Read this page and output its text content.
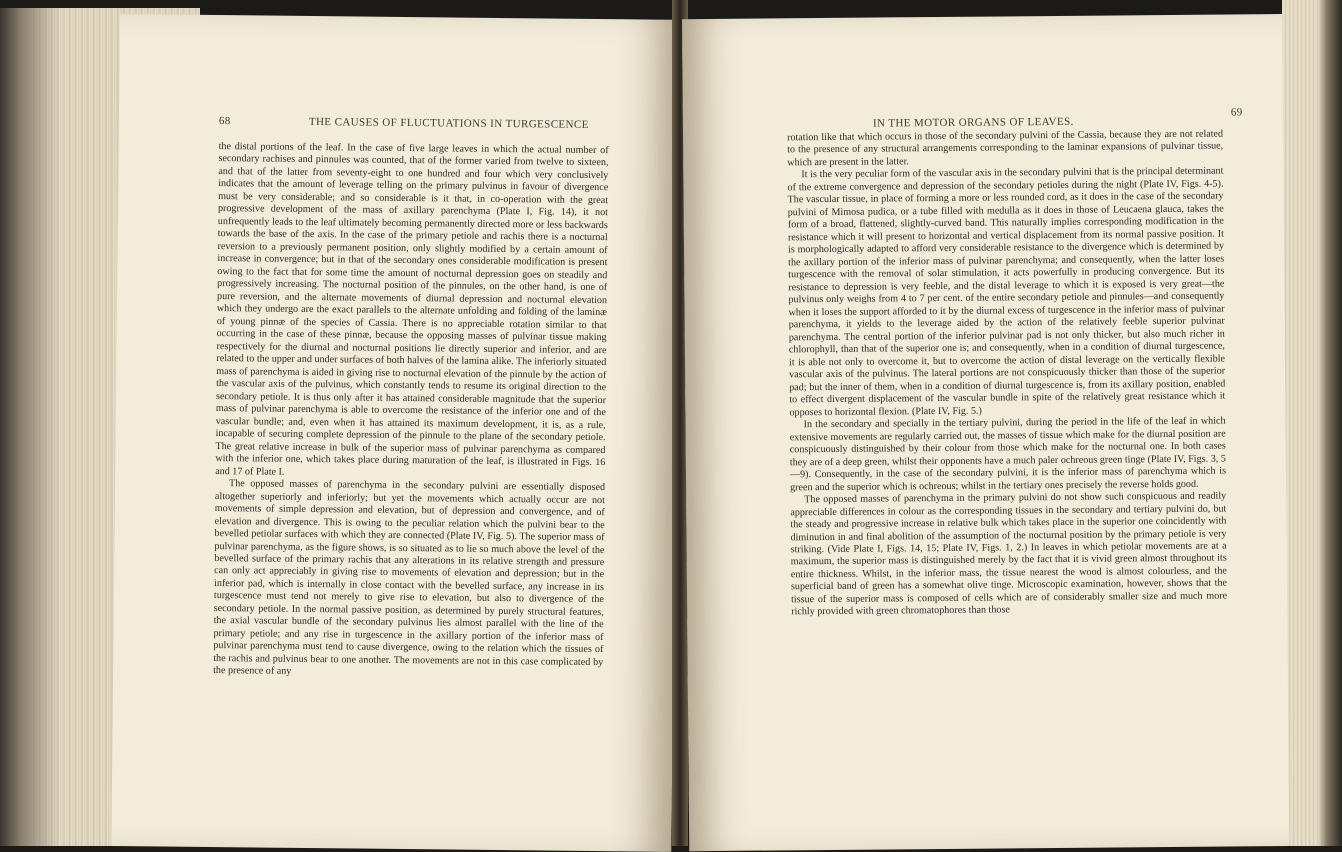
68	THE CAUSES OF FLUCTUATIONS IN TURGESCENCE

the distal portions of the leaf. In the case of five large leaves in which the actual number of secondary rachises and pinnules was counted, that of the former varied from twelve to sixteen, and that of the latter from seventy-eight to one hundred and four which very conclusively indicates that the amount of leverage telling on the primary pulvinus in favour of divergence must be very considerable; and so considerable is it that, in co-operation with the great progressive development of the mass of axillary parenchyma (Plate I, Fig. 14), it not unfrequently leads to the leaf ultimately becoming permanently directed more or less backwards towards the base of the axis. In the case of the primary petiole and rachis there is a nocturnal reversion to a previously permanent position, only slightly modified by a certain amount of increase in convergence; but in that of the secondary ones considerable modification is present owing to the fact that for some time the amount of nocturnal depression goes on steadily and progressively increasing. The nocturnal position of the pinnules, on the other hand, is one of pure reversion, and the alternate movements of diurnal depression and nocturnal elevation which they undergo are the exact parallels to the alternate unfolding and folding of the laminæ of young pinnæ of the species of Cassia. There is no appreciable rotation similar to that occurring in the case of these pinnæ, because the opposing masses of pulvinar tissue making respectively for the diurnal and nocturnal positions lie directly superior and inferior, and are related to the upper and under surfaces of both halves of the lamina alike. The inferiorly situated mass of parenchyma is aided in giving rise to nocturnal elevation of the pinnule by the action of the vascular axis of the pulvinus, which constantly tends to resume its original direction to the secondary petiole. It is thus only after it has attained considerable magnitude that the superior mass of pulvinar parenchyma is able to overcome the resistance of the inferior one and of the vascular bundle; and, even when it has attained its maximum development, it is, as a rule, incapable of securing complete depression of the pinnule to the plane of the secondary petiole. The great relative increase in bulk of the superior mass of pulvinar parenchyma as compared with the inferior one, which takes place during maturation of the leaf, is illustrated in Figs. 16 and 17 of Plate I.

The opposed masses of parenchyma in the secondary pulvini are essentially disposed altogether superiorly and inferiorly; but yet the movements which actually occur are not movements of simple depression and elevation, but of depression and convergence, and of elevation and divergence. This is owing to the peculiar relation which the pulvini bear to the bevelled petiolar surfaces with which they are connected (Plate IV, Fig. 5). The superior mass of pulvinar parenchyma, as the figure shows, is so situated as to lie so much above the level of the bevelled surface of the primary rachis that any alterations in its relative strength and pressure can only act appreciably in giving rise to movements of elevation and depression; but in the inferior pad, which is internally in close contact with the bevelled surface, any increase in its turgescence must tend not merely to give rise to elevation, but also to divergence of the secondary petiole. In the normal passive position, as determined by purely structural features, the axial vascular bundle of the secondary pulvinus lies almost parallel with the line of the primary petiole; and any rise in turgescence in the axillary portion of the inferior mass of pulvinar parenchyma must tend to cause divergence, owing to the relation which the tissues of the rachis and pulvinus bear to one another. The movements are not in this case complicated by the presence of any

IN THE MOTOR ORGANS OF LEAVES.
69

rotation like that which occurs in those of the secondary pulvini of the Cassia, because they are not related to the presence of any structural arrangements corresponding to the laminar expansions of pulvinar tissue, which are present in the latter.

It is the very peculiar form of the vascular axis in the secondary pulvini that is the principal determinant of the extreme convergence and depression of the secondary petioles during the night (Plate IV, Figs. 4-5). The vascular tissue, in place of forming a more or less rounded cord, as it does in the case of the secondary pulvini of Mimosa pudica, or a tube filled with medulla as it does in those of Leucaena glauca, takes the form of a broad, flattened, slightly-curved band. This naturally implies corresponding modification in the resistance which it will present to horizontal and vertical displacement from its normal passive position. It is morphologically adapted to afford very considerable resistance to the divergence which is determined by the axillary portion of the inferior mass of pulvinar parenchyma; and consequently, when the latter loses turgescence with the removal of solar stimulation, it acts powerfully in producing convergence. But its resistance to depression is very feeble, and the distal leverage to which it is exposed is very great—the pulvinus only weighs from 4 to 7 per cent. of the entire secondary petiole and pinnules—and consequently when it loses the support afforded to it by the diurnal excess of turgescence in the inferior mass of pulvinar parenchyma, it yields to the leverage aided by the action of the relatively feeble superior pulvinar parenchyma. The central portion of the inferior pulvinar pad is not only thicker, but also much richer in chlorophyll, than that of the superior one is; and consequently, when in a condition of diurnal turgescence, it is able not only to overcome it, but to overcome the action of distal leverage on the vertically flexible vascular axis of the pulvinus. The lateral portions are not conspicuously thicker than those of the superior pad; but the inner of them, when in a condition of diurnal turgescence is, from its axillary position, enabled to effect divergent displacement of the vascular bundle in spite of the relatively great resistance which it opposes to horizontal flexion. (Plate IV, Fig. 5.)

In the secondary and specially in the tertiary pulvini, during the period in the life of the leaf in which extensive movements are regularly carried out, the masses of tissue which make for the diurnal position are conspicuously distinguished by their colour from those which make for the nocturnal one. In both cases they are of a deep green, whilst their opponents have a much paler ochreous green tinge (Plate IV, Figs. 3, 5—9). Consequently, in the case of the secondary pulvini, it is the inferior mass of parenchyma which is green and the superior which is ochreous; whilst in the tertiary ones precisely the reverse holds good.

The opposed masses of parenchyma in the primary pulvini do not show such conspicuous and readily appreciable differences in colour as the corresponding tissues in the secondary and tertiary pulvini do, but the steady and progressive increase in relative bulk which takes place in the superior one coincidently with diminution in and final abolition of the assumption of the nocturnal position by the primary petiole is very striking. (Vide Plate I, Figs. 14, 15; Plate IV, Figs. 1, 2.) In leaves in which petiolar movements are at a maximum, the superior mass is distinguished merely by the fact that it is vivid green almost throughout its entire thickness. Whilst, in the inferior mass, the tissue nearest the wood is almost colourless, and the superficial band of green has a somewhat olive tinge. Microscopic examination, however, shows that the tissue of the superior mass is composed of cells which are of considerably smaller size and much more richly provided with green chromatophores than those
